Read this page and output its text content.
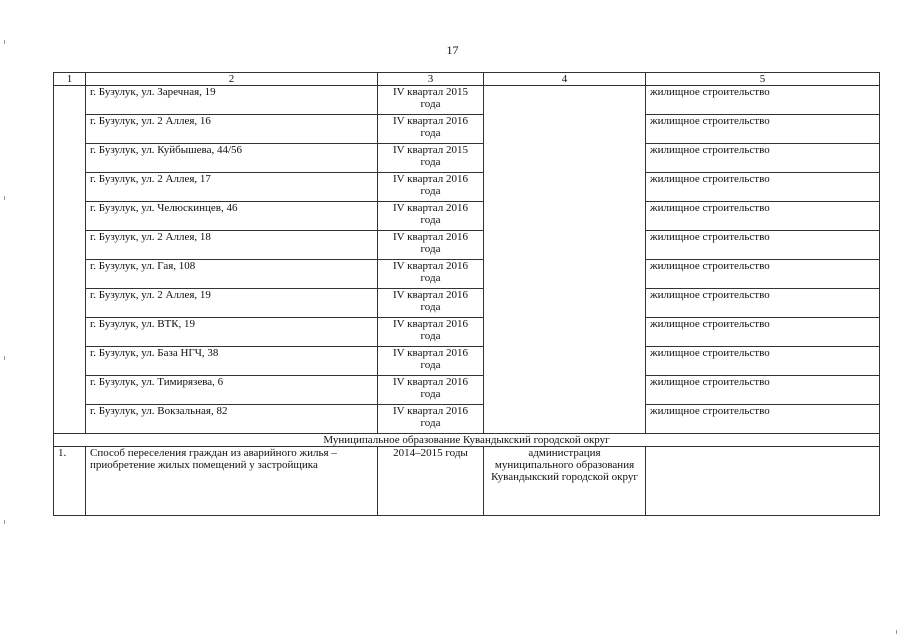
17
1	2	3	4	5
	г. Бузулук, ул. Заречная, 19	IV квартал 2015 года		жилищное строительство
	г. Бузулук, ул. 2 Аллея, 16	IV квартал 2016 года		жилищное строительство
	г. Бузулук, ул. Куйбышева, 44/56	IV квартал 2015 года		жилищное строительство
	г. Бузулук, ул. 2 Аллея, 17	IV квартал 2016 года		жилищное строительство
	г. Бузулук, ул. Челюскинцев, 46	IV квартал 2016 года		жилищное строительство
	г. Бузулук, ул. 2 Аллея, 18	IV квартал 2016 года		жилищное строительство
	г. Бузулук, ул. Гая, 108	IV квартал 2016 года		жилищное строительство
	г. Бузулук, ул. 2 Аллея, 19	IV квартал 2016 года		жилищное строительство
	г. Бузулук, ул. ВТК, 19	IV квартал 2016 года		жилищное строительство
	г. Бузулук, ул. База НГЧ, 38	IV квартал 2016 года		жилищное строительство
	г. Бузулук, ул. Тимирязева, 6	IV квартал 2016 года		жилищное строительство
	г. Бузулук, ул. Вокзальная, 82	IV квартал 2016 года		жилищное строительство
Муниципальное образование Кувандыкский городской округ				
1.	Способ переселения граждан из аварийного жилья – приобретение жилых помещений у застройщика	2014–2015 годы	администрация муниципального образования Кувандыкский городской округ	
